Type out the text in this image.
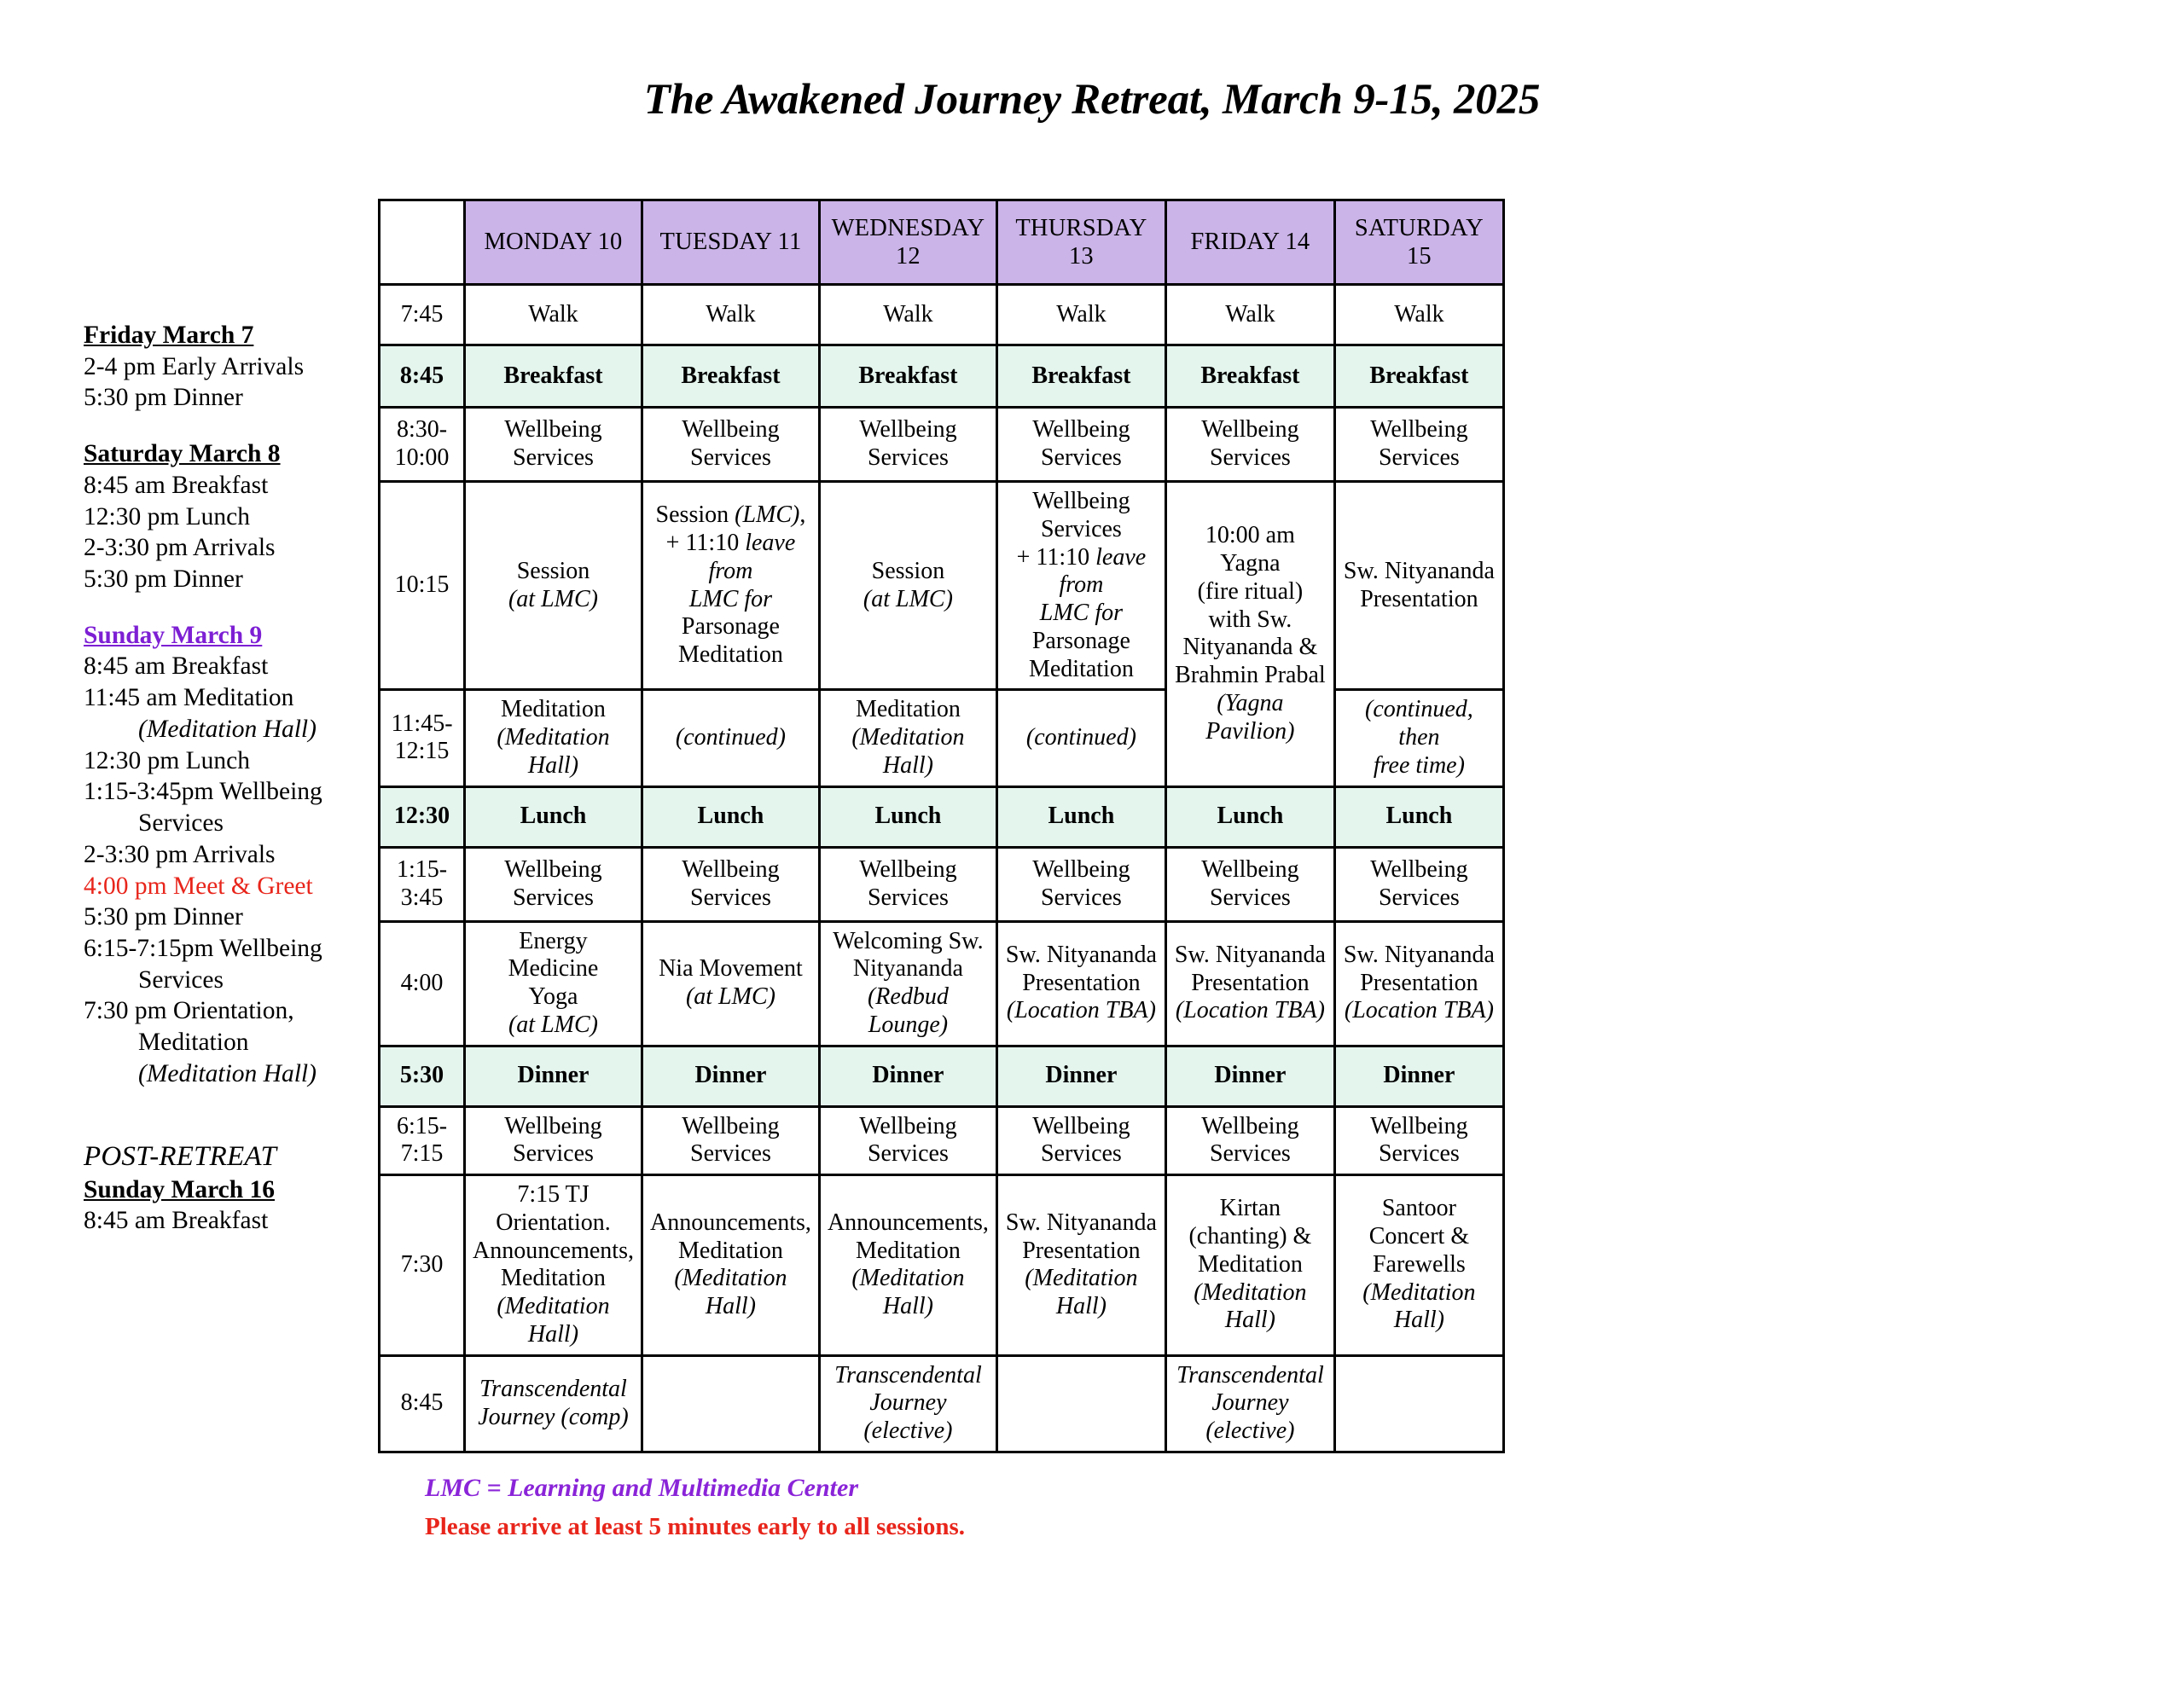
The Awakened Journey Retreat, March 9-15, 2025
Friday March 7
2-4 pm Early Arrivals
5:30 pm Dinner
Saturday March 8
8:45 am Breakfast
12:30 pm Lunch
2-3:30 pm Arrivals
5:30 pm Dinner
Sunday March 9
8:45 am Breakfast
11:45 am Meditation
(Meditation Hall)
12:30 pm Lunch
1:15-3:45pm Wellbeing
Services
2-3:30 pm Arrivals
4:00 pm Meet & Greet
5:30 pm Dinner
6:15-7:15pm Wellbeing
Services
7:30 pm Orientation,
Meditation
(Meditation Hall)
POST-RETREAT
Sunday March 16
8:45 am Breakfast
	MONDAY 10	TUESDAY 11	WEDNESDAY 12	THURSDAY 13	FRIDAY 14	SATURDAY 15
7:45	Walk	Walk	Walk	Walk	Walk	Walk
8:45	Breakfast	Breakfast	Breakfast	Breakfast	Breakfast	Breakfast

8:30-
10:00	Wellbeing Services	Wellbeing Services	Wellbeing Services	Wellbeing Services	Wellbeing Services	Wellbeing Services
10:15	Session
(at LMC)	Session (LMC),
+ 11:10 leave from
LMC for Parsonage
Meditation	Session
(at LMC)	Wellbeing Services
+ 11:10 leave from
LMC for Parsonage
Meditation	10:00 am Yagna
(fire ritual) with Sw.
Nityananda &
Brahmin Prabal
(Yagna Pavilion)	Sw. Nityananda
Presentation

11:45-
12:15
	Meditation
(Meditation Hall)	(continued)	Meditation
(Meditation Hall)	(continued)	(continued, then
free time)
12:30	Lunch	Lunch	Lunch	Lunch	Lunch	Lunch

1:15-
3:45	Wellbeing Services	Wellbeing Services	Wellbeing Services	Wellbeing Services	Wellbeing Services	Wellbeing Services
4:00	Energy Medicine
Yoga
(at LMC)	Nia Movement
(at LMC)	Welcoming Sw.
Nityananda
(Redbud Lounge)	Sw. Nityananda
Presentation
(Location TBA)	Sw. Nityananda
Presentation
(Location TBA)	Sw. Nityananda
Presentation
(Location TBA)
5:30	Dinner	Dinner	Dinner	Dinner	Dinner	Dinner

6:15-
7:15	Wellbeing Services	Wellbeing Services	Wellbeing Services	Wellbeing Services	Wellbeing Services	Wellbeing Services
7:30	7:15 TJ Orientation.
Announcements,
Meditation
(Meditation Hall)	Announcements,
Meditation
(Meditation Hall)	Announcements,
Meditation
(Meditation Hall)	Sw. Nityananda
Presentation
(Meditation Hall)	Kirtan (chanting) &
Meditation
(Meditation Hall)	Santoor Concert &
Farewells
(Meditation Hall)
8:45	Transcendental
Journey (comp)		Transcendental
Journey (elective)		Transcendental
Journey (elective)	
LMC = Learning and Multimedia Center
Please arrive at least 5 minutes early to all sessions.
